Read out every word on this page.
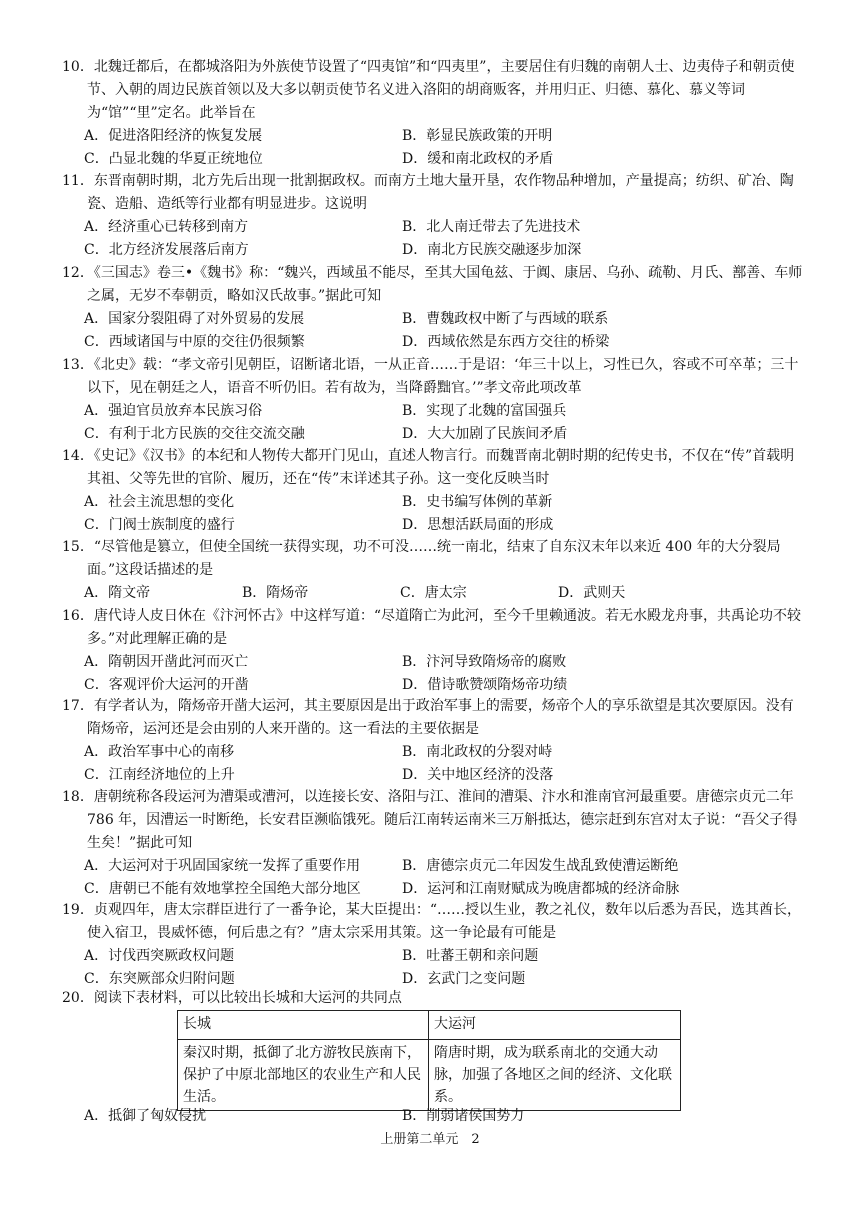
10．北魏迁都后，在都城洛阳为外族使节设置了“四夷馆”和“四夷里”，主要居住有归魏的南朝人士、边夷侍子和朝贡使节、入朝的周边民族首领以及大多以朝贡使节名义进入洛阳的胡商贩客，并用归正、归德、慕化、慕义等词为“馆”“里”定名。此举旨在

A．促进洛阳经济的恢复发展	B．彰显民族政策的开明
C．凸显北魏的华夏正统地位	D．缓和南北政权的矛盾

11．东晋南朝时期，北方先后出现一批割据政权。而南方土地大量开垦，农作物品种增加，产量提高；纺织、矿冶、陶瓷、造船、造纸等行业都有明显进步。这说明

A．经济重心已转移到南方	B．北人南迁带去了先进技术
C．北方经济发展落后南方	D．南北方民族交融逐步加深

12．《三国志》卷三•《魏书》称：“魏兴，西域虽不能尽，至其大国龟兹、于阗、康居、乌孙、疏勒、月氏、鄯善、车师之属，无岁不奉朝贡，略如汉氏故事。”据此可知

A．国家分裂阻碍了对外贸易的发展	B．曹魏政权中断了与西域的联系
C．西域诸国与中原的交往仍很频繁	D．西域依然是东西方交往的桥梁

13．《北史》载：“孝文帝引见朝臣，诏断诸北语，一从正音……于是诏：‘年三十以上，习性已久，容或不可卒革；三十以下，见在朝廷之人，语音不听仍旧。若有故为，当降爵黜官。’”孝文帝此项改革

A．强迫官员放弃本民族习俗	B．实现了北魏的富国强兵
C．有利于北方民族的交往交流交融	D．大大加剧了民族间矛盾

14．《史记》《汉书》的本纪和人物传大都开门见山，直述人物言行。而魏晋南北朝时期的纪传史书，不仅在“传”首载明其祖、父等先世的官阶、履历，还在“传”末详述其子孙。这一变化反映当时

A．社会主流思想的变化	B．史书编写体例的革新
C．门阀士族制度的盛行	D．思想活跃局面的形成

15．“尽管他是篡立，但使全国统一获得实现，功不可没……统一南北，结束了自东汉末年以来近 400 年的大分裂局面。”这段话描述的是

A．隋文帝	B．隋炀帝	C．唐太宗	D．武则天

16．唐代诗人皮日休在《汴河怀古》中这样写道：“尽道隋亡为此河，至今千里赖通波。若无水殿龙舟事，共禹论功不较多。”对此理解正确的是

A．隋朝因开凿此河而灭亡	B．汴河导致隋炀帝的腐败
C．客观评价大运河的开凿	D．借诗歌赞颂隋炀帝功绩

17．有学者认为，隋炀帝开凿大运河，其主要原因是出于政治军事上的需要，炀帝个人的享乐欲望是其次要原因。没有隋炀帝，运河还是会由别的人来开凿的。这一看法的主要依据是

A．政治军事中心的南移	B．南北政权的分裂对峙
C．江南经济地位的上升	D．关中地区经济的没落

18．唐朝统称各段运河为漕渠或漕河，以连接长安、洛阳与江、淮间的漕渠、汴水和淮南官河最重要。唐德宗贞元二年 786 年，因漕运一时断绝，长安君臣濒临饿死。随后江南转运南米三万斛抵达，德宗赶到东宫对太子说：“吾父子得生矣！”据此可知

A．大运河对于巩固国家统一发挥了重要作用	B．唐德宗贞元二年因发生战乱致使漕运断绝
C．唐朝已不能有效地掌控全国绝大部分地区	D．运河和江南财赋成为晚唐都城的经济命脉

19．贞观四年，唐太宗群臣进行了一番争论，某大臣提出：“……授以生业，教之礼仪，数年以后悉为吾民，选其酋长，使入宿卫，畏威怀德，何后患之有？”唐太宗采用其策。这一争论最有可能是

A．讨伐西突厥政权问题	B．吐蕃王朝和亲问题
C．东突厥部众归附问题	D．玄武门之变问题

20．阅读下表材料，可以比较出长城和大运河的共同点

长城	大运河
秦汉时期，抵御了北方游牧民族南下，保护了中原北部地区的农业生产和人民生活。	隋唐时期，成为联系南北的交通大动脉，加强了各地区之间的经济、文化联系。
A．抵御了匈奴侵扰	B．削弱诸侯国势力
上册第二单元　2
